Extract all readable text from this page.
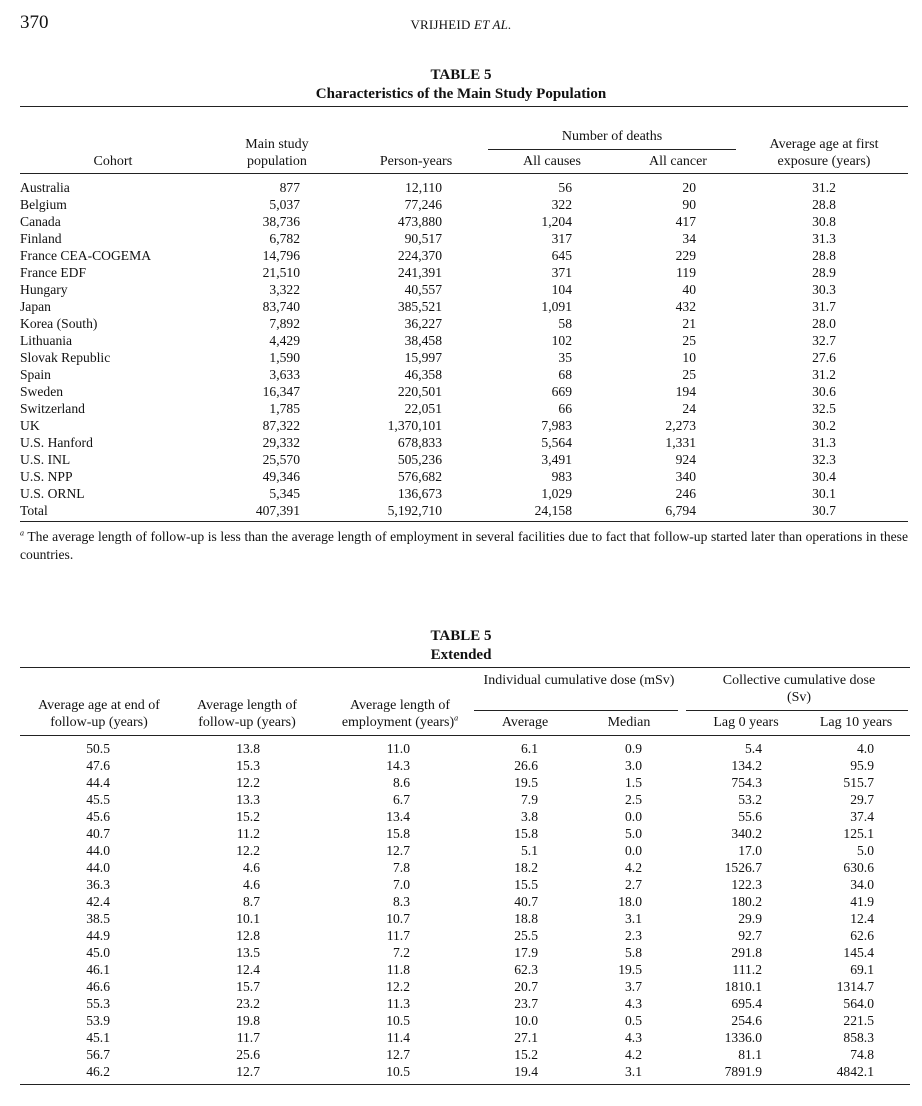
370	VRIJHEID ET AL.
TABLE 5
Characteristics of the Main Study Population
Cohort
Main study population	Person-years
Number of deaths
All causes	All cancer
Average age at first exposure (years)
Australia	877	12,110	56	20	31.2
Belgium	5,037	77,246	322	90	28.8
Canada	38,736	473,880	1,204	417	30.8
Finland	6,782	90,517	317	34	31.3
France CEA-COGEMA	14,796	224,370	645	229	28.8
France EDF	21,510	241,391	371	119	28.9
Hungary	3,322	40,557	104	40	30.3
Japan	83,740	385,521	1,091	432	31.7
Korea (South)	7,892	36,227	58	21	28.0
Lithuania	4,429	38,458	102	25	32.7
Slovak Republic	1,590	15,997	35	10	27.6
Spain	3,633	46,358	68	25	31.2
Sweden	16,347	220,501	669	194	30.6
Switzerland	1,785	22,051	66	24	32.5
UK	87,322	1,370,101	7,983	2,273	30.2
U.S. Hanford	29,332	678,833	5,564	1,331	31.3
U.S. INL	25,570	505,236	3,491	924	32.3
U.S. NPP	49,346	576,682	983	340	30.4
U.S. ORNL	5,345	136,673	1,029	246	30.1
Total	407,391	5,192,710	24,158	6,794	30.7
$^a$ The average length of follow-up is less than the average length of employment in several facilities due to fact that follow-up started later than operations in these countries.
TABLE 5
Extended
Average age at end of follow-up (years)
Average length of follow-up (years)
Average length of employment (years)$^a$
Individual cumulative dose (mSv)
Average	Median
Collective cumulative dose (Sv)
Lag 0 years	Lag 10 years
50.5	13.8	11.0	6.1	0.9	5.4	4.0
47.6	15.3	14.3	26.6	3.0	134.2	95.9
44.4	12.2	8.6	19.5	1.5	754.3	515.7
45.5	13.3	6.7	7.9	2.5	53.2	29.7
45.6	15.2	13.4	3.8	0.0	55.6	37.4
40.7	11.2	15.8	15.8	5.0	340.2	125.1
44.0	12.2	12.7	5.1	0.0	17.0	5.0
44.0	4.6	7.8	18.2	4.2	1526.7	630.6
36.3	4.6	7.0	15.5	2.7	122.3	34.0
42.4	8.7	8.3	40.7	18.0	180.2	41.9
38.5	10.1	10.7	18.8	3.1	29.9	12.4
44.9	12.8	11.7	25.5	2.3	92.7	62.6
45.0	13.5	7.2	17.9	5.8	291.8	145.4
46.1	12.4	11.8	62.3	19.5	111.2	69.1
46.6	15.7	12.2	20.7	3.7	1810.1	1314.7
55.3	23.2	11.3	23.7	4.3	695.4	564.0
53.9	19.8	10.5	10.0	0.5	254.6	221.5
45.1	11.7	11.4	27.1	4.3	1336.0	858.3
56.7	25.6	12.7	15.2	4.2	81.1	74.8
46.2	12.7	10.5	19.4	3.1	7891.9	4842.1
